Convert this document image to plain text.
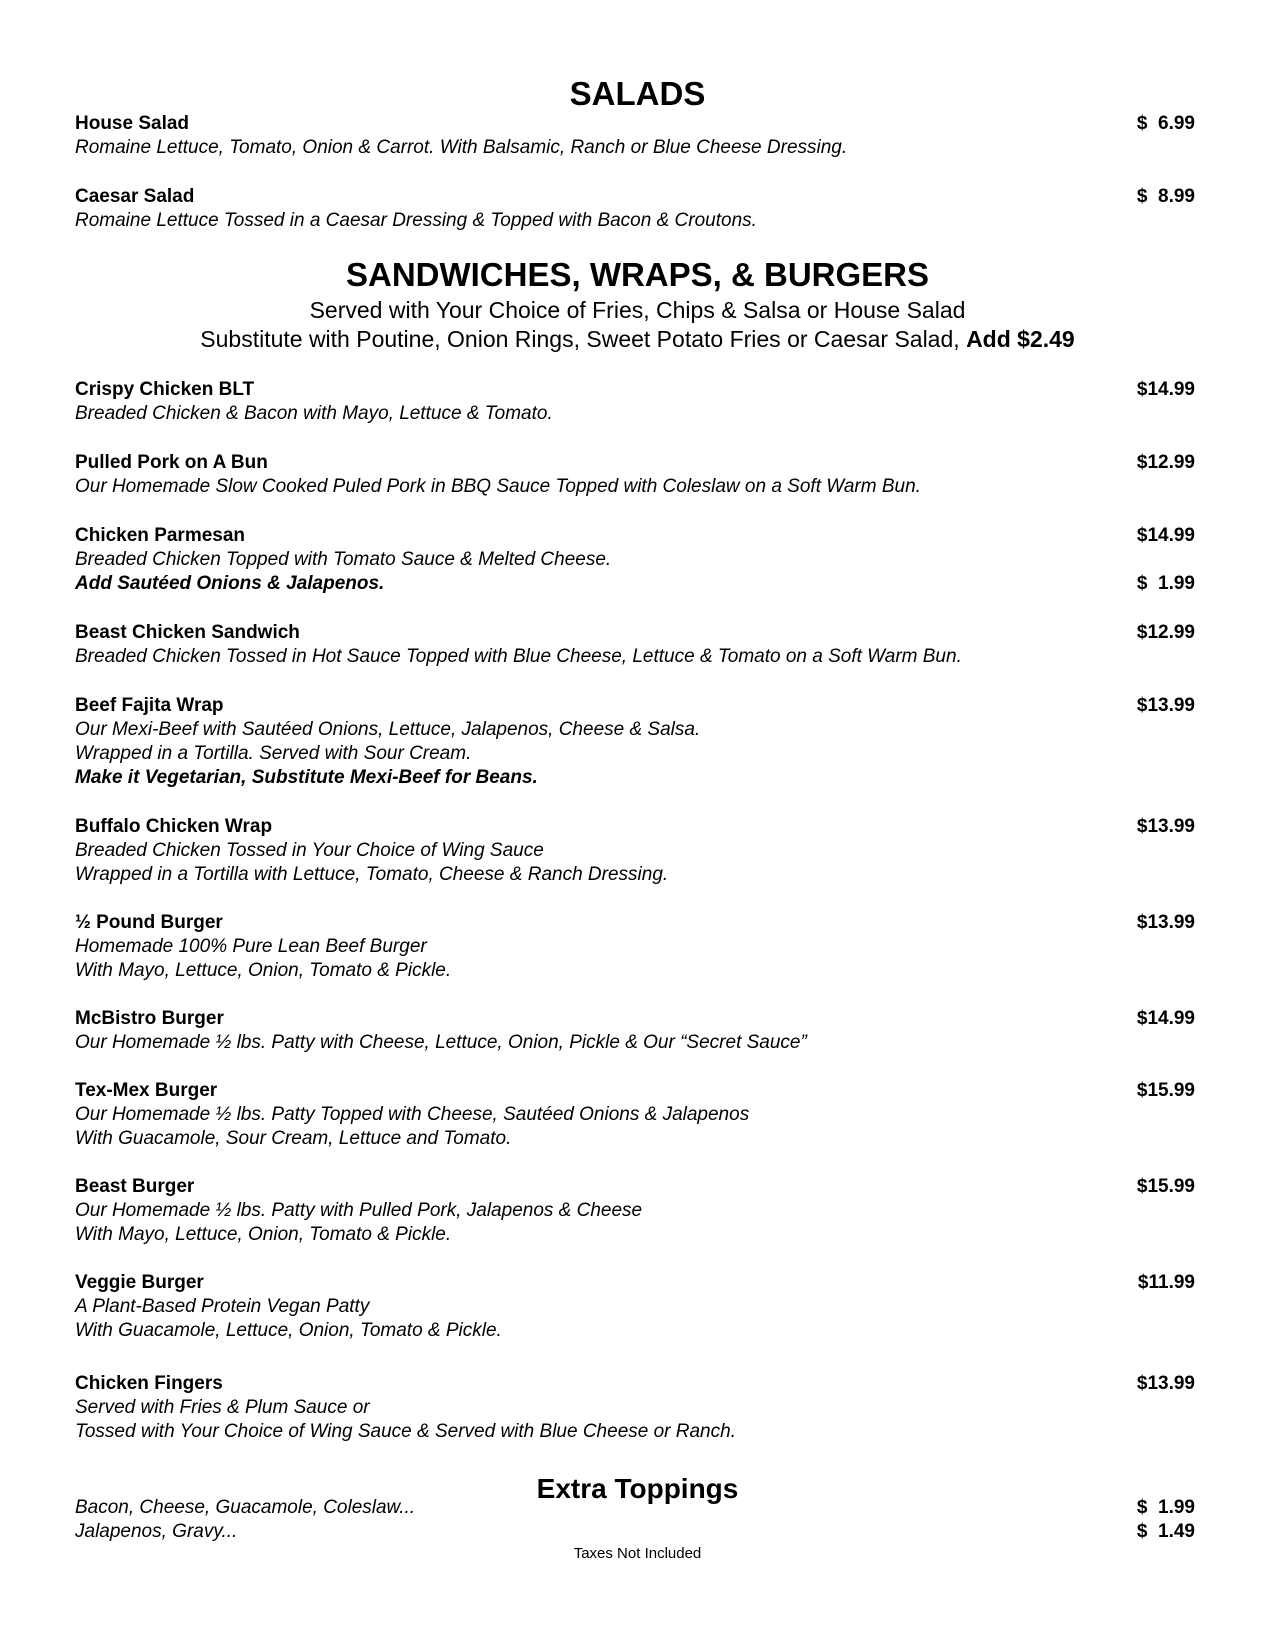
SALADS
House Salad	$  6.99
Romaine Lettuce, Tomato, Onion & Carrot. With Balsamic, Ranch or Blue Cheese Dressing.
Caesar Salad	$  8.99
Romaine Lettuce Tossed in a Caesar Dressing & Topped with Bacon & Croutons.
SANDWICHES, WRAPS, & BURGERS
Served with Your Choice of Fries, Chips & Salsa or House Salad
Substitute with Poutine, Onion Rings, Sweet Potato Fries or Caesar Salad, Add $2.49
Crispy Chicken BLT	$14.99
Breaded Chicken & Bacon with Mayo, Lettuce & Tomato.
Pulled Pork on A Bun	$12.99
Our Homemade Slow Cooked Puled Pork in BBQ Sauce Topped with Coleslaw on a Soft Warm Bun.
Chicken Parmesan	$14.99
Breaded Chicken Topped with Tomato Sauce & Melted Cheese.
Add Sautéed Onions & Jalapenos.	$  1.99
Beast Chicken Sandwich	$12.99
Breaded Chicken Tossed in Hot Sauce Topped with Blue Cheese, Lettuce & Tomato on a Soft Warm Bun.
Beef Fajita Wrap	$13.99
Our Mexi-Beef with Sautéed Onions, Lettuce, Jalapenos, Cheese & Salsa.
Wrapped in a Tortilla. Served with Sour Cream.
Make it Vegetarian, Substitute Mexi-Beef for Beans.
Buffalo Chicken Wrap	$13.99
Breaded Chicken Tossed in Your Choice of Wing Sauce
Wrapped in a Tortilla with Lettuce, Tomato, Cheese & Ranch Dressing.
½ Pound Burger	$13.99
Homemade 100% Pure Lean Beef Burger
With Mayo, Lettuce, Onion, Tomato & Pickle.
McBistro Burger	$14.99
Our Homemade ½ lbs. Patty with Cheese, Lettuce, Onion, Pickle & Our “Secret Sauce”
Tex-Mex Burger	$15.99
Our Homemade ½ lbs. Patty Topped with Cheese, Sautéed Onions & Jalapenos
With Guacamole, Sour Cream, Lettuce and Tomato.
Beast Burger	$15.99
Our Homemade ½ lbs. Patty with Pulled Pork, Jalapenos & Cheese
With Mayo, Lettuce, Onion, Tomato & Pickle.
Veggie Burger	$11.99
A Plant-Based Protein Vegan Patty
With Guacamole, Lettuce, Onion, Tomato & Pickle.
Chicken Fingers	$13.99
Served with Fries & Plum Sauce or
Tossed with Your Choice of Wing Sauce & Served with Blue Cheese or Ranch.
Extra Toppings
Bacon, Cheese, Guacamole, Coleslaw...	$  1.99
Jalapenos, Gravy...	$  1.49
Taxes Not Included
